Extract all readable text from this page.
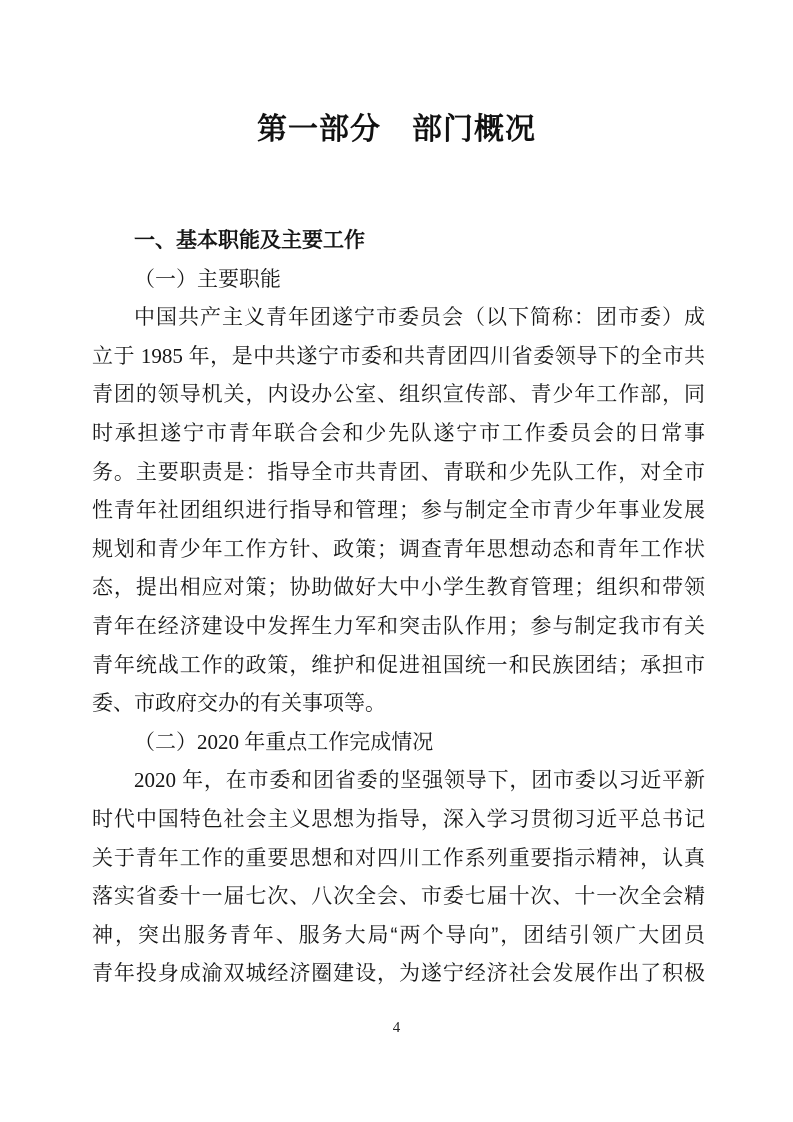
第一部分　部门概况
一、基本职能及主要工作
（一）主要职能
中国共产主义青年团遂宁市委员会（以下简称：团市委）成
立于 1985 年，是中共遂宁市委和共青团四川省委领导下的全市共
青团的领导机关，内设办公室、组织宣传部、青少年工作部，同
时承担遂宁市青年联合会和少先队遂宁市工作委员会的日常事
务。主要职责是：指导全市共青团、青联和少先队工作，对全市
性青年社团组织进行指导和管理；参与制定全市青少年事业发展
规划和青少年工作方针、政策；调查青年思想动态和青年工作状
态，提出相应对策；协助做好大中小学生教育管理；组织和带领
青年在经济建设中发挥生力军和突击队作用；参与制定我市有关
青年统战工作的政策，维护和促进祖国统一和民族团结；承担市
委、市政府交办的有关事项等。
（二）2020 年重点工作完成情况
2020 年，在市委和团省委的坚强领导下，团市委以习近平新
时代中国特色社会主义思想为指导，深入学习贯彻习近平总书记
关于青年工作的重要思想和对四川工作系列重要指示精神，认真
落实省委十一届七次、八次全会、市委七届十次、十一次全会精
神，突出服务青年、服务大局“两个导向”，团结引领广大团员
青年投身成渝双城经济圈建设，为遂宁经济社会发展作出了积极
4
